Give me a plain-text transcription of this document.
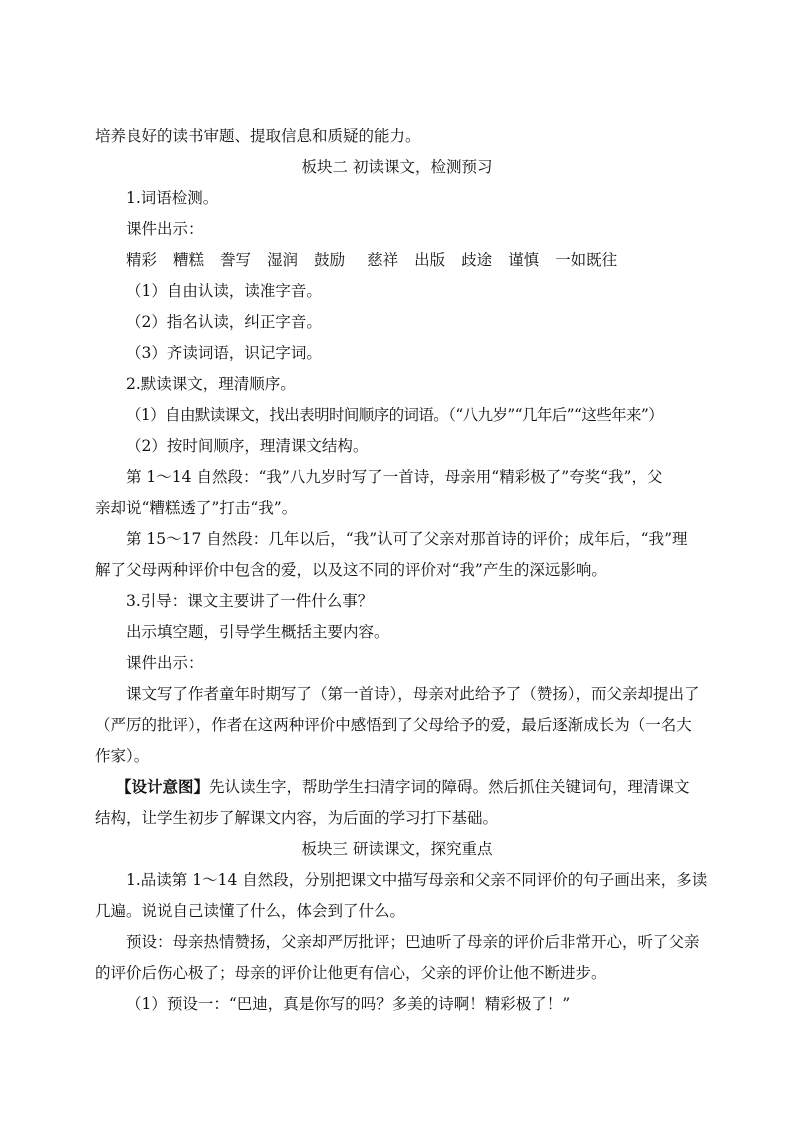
培养良好的读书审题、提取信息和质疑的能力。
板块二 初读课文，检测预习
1.词语检测。
课件出示：
精彩 糟糕 誊写 湿润 鼓励 慈祥 出版 歧途 谨慎 一如既往
（1）自由认读，读准字音。
（2）指名认读，纠正字音。
（3）齐读词语，识记字词。
2.默读课文，理清顺序。
（1）自由默读课文，找出表明时间顺序的词语。（“八九岁”“几年后”“这些年来”）
（2）按时间顺序，理清课文结构。
第 1～14 自然段：“我”八九岁时写了一首诗，母亲用“精彩极了”夸奖“我”，父
亲却说“糟糕透了”打击“我”。
第 15～17 自然段：几年以后，“我”认可了父亲对那首诗的评价；成年后，“我”理
解了父母两种评价中包含的爱，以及这不同的评价对“我”产生的深远影响。
3.引导：课文主要讲了一件什么事？
出示填空题，引导学生概括主要内容。
课件出示：
课文写了作者童年时期写了（第一首诗），母亲对此给予了（赞扬），而父亲却提出了
（严厉的批评），作者在这两种评价中感悟到了父母给予的爱，最后逐渐成长为（一名大
作家）。
【设计意图】先认读生字，帮助学生扫清字词的障碍。然后抓住关键词句，理清课文
结构，让学生初步了解课文内容，为后面的学习打下基础。
板块三 研读课文，探究重点
1.品读第 1～14 自然段，分别把课文中描写母亲和父亲不同评价的句子画出来，多读
几遍。说说自己读懂了什么，体会到了什么。
预设：母亲热情赞扬，父亲却严厉批评；巴迪听了母亲的评价后非常开心，听了父亲
的评价后伤心极了；母亲的评价让他更有信心，父亲的评价让他不断进步。
（1）预设一：“巴迪，真是你写的吗？多美的诗啊！精彩极了！”
